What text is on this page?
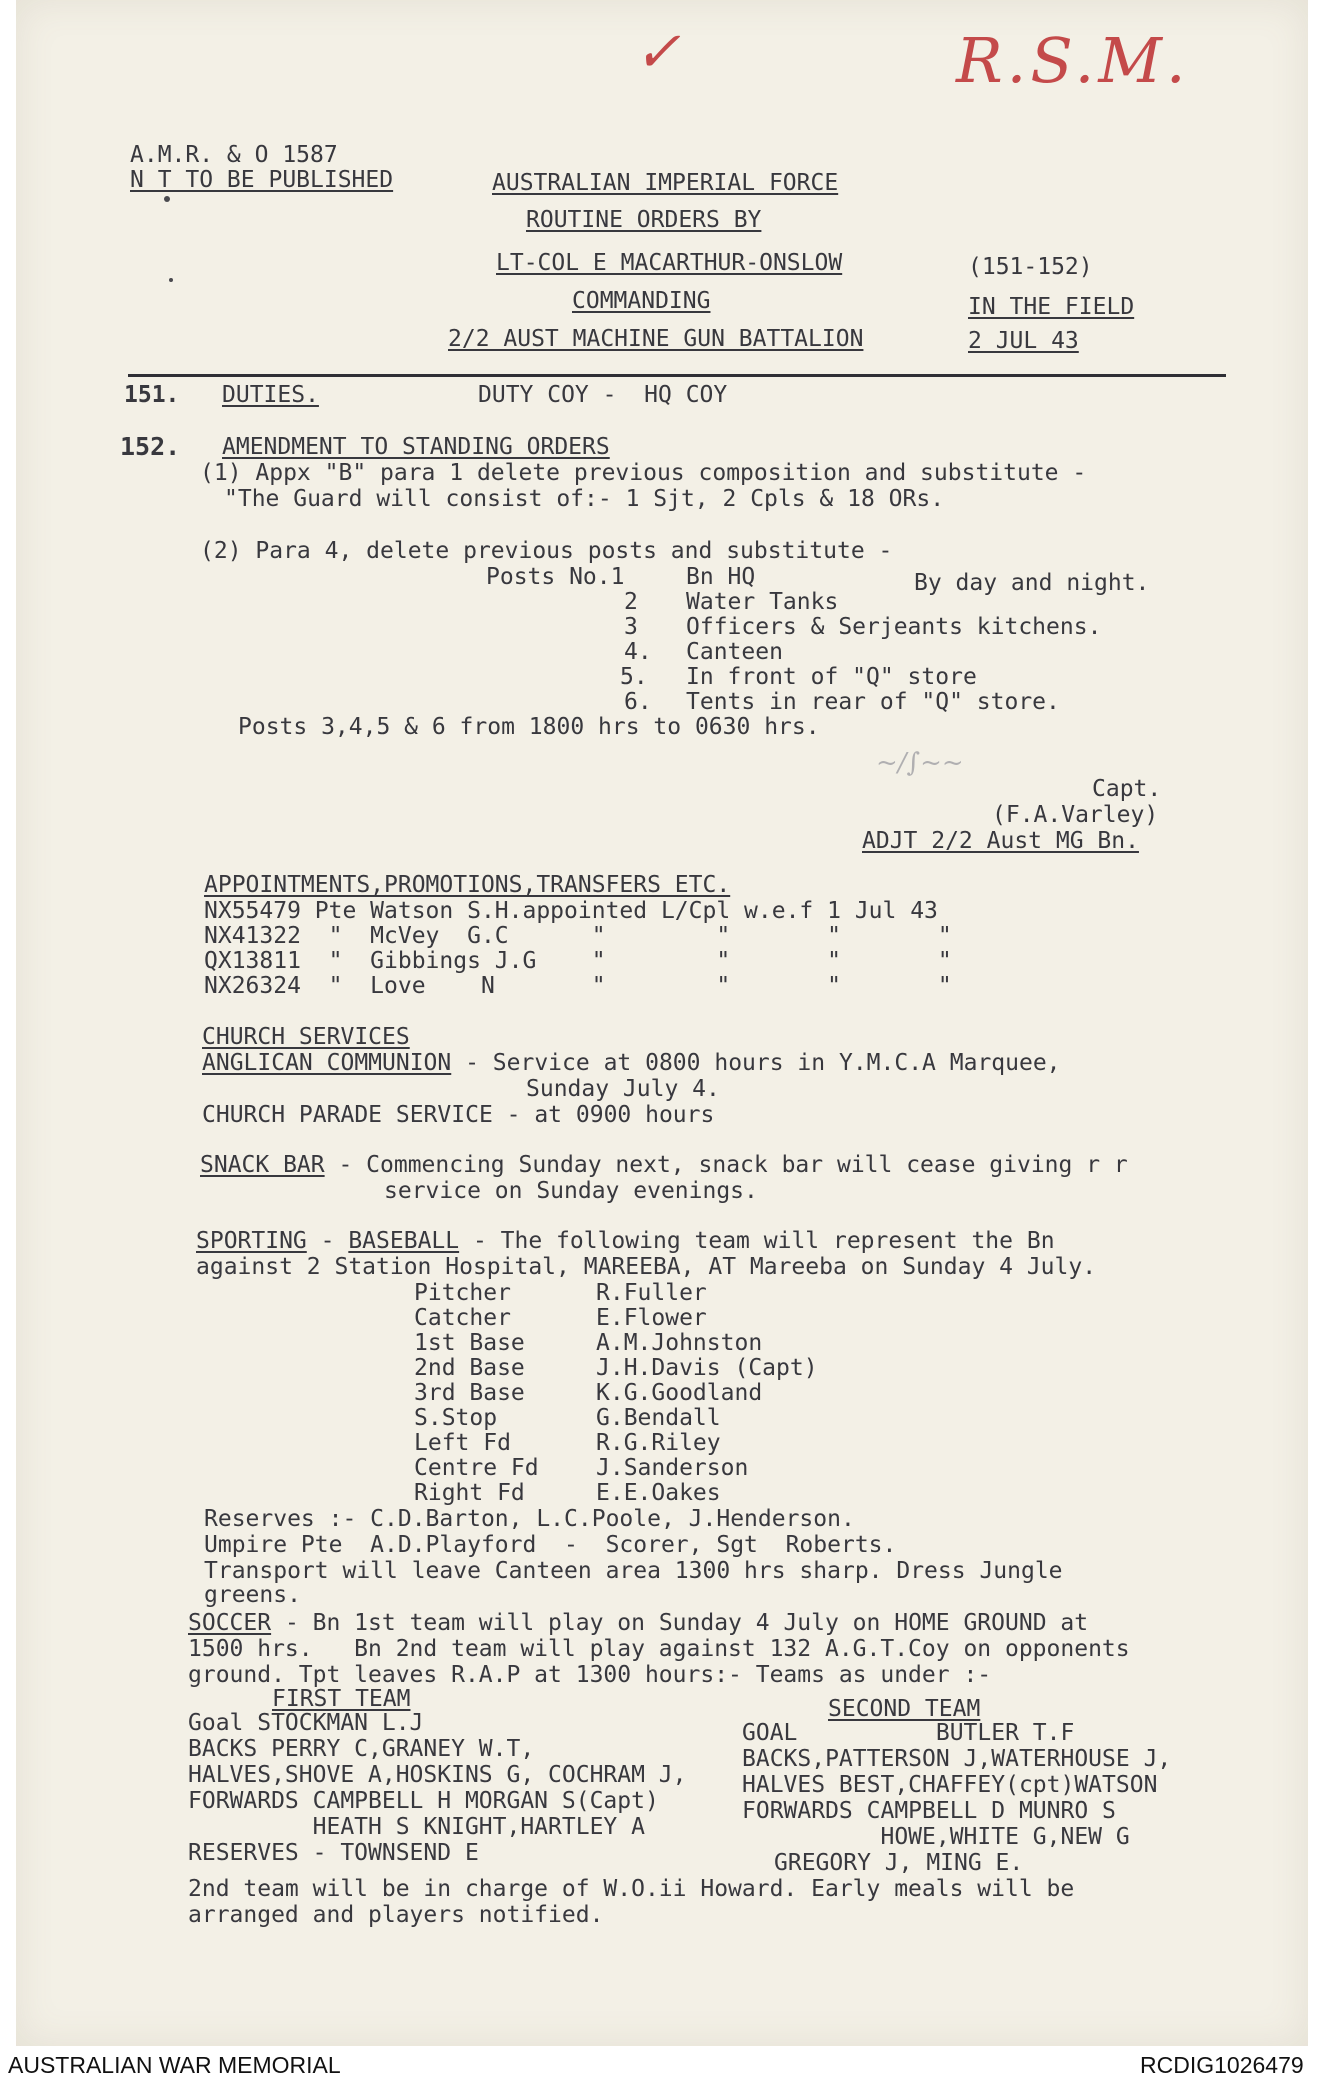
✓	R.S.M.
A.M.R. & O 1587
N T TO BE PUBLISHED	AUSTRALIAN IMPERIAL FORCE
ROUTINE ORDERS BY
LT-COL E MACARTHUR-ONSLOW
COMMANDING
2/2 AUST MACHINE GUN BATTALION
(151-152)
IN THE FIELD
2 JUL 43
151. DUTIES.	DUTY COY -  HQ COY
152. AMENDMENT TO STANDING ORDERS
(1) Appx "B" para 1 delete previous composition and substitute -
"The Guard will consist of:- 1 Sjt, 2 Cpls & 18 ORs.
(2) Para 4, delete previous posts and substitute -
Posts No.1	Bn HQ	By day and night.
2 Water Tanks
3 Officers & Serjeants kitchens.
4. Canteen
5. In front of "Q" store
6. Tents in rear of "Q" store.
Posts 3,4,5 & 6 from 1800 hrs to 0630 hrs.
~/∫~~
Capt.
(F.A.Varley)
ADJT 2/2 Aust MG Bn.
APPOINTMENTS,PROMOTIONS,TRANSFERS ETC.
NX55479 Pte Watson S.H.appointed L/Cpl w.e.f 1 Jul 43
NX41322  "  McVey  G.C      "        "       "       "
QX13811  "  Gibbings J.G    "        "       "       "
NX26324  "  Love    N       "        "       "       "
CHURCH SERVICES
ANGLICAN COMMUNION - Service at 0800 hours in Y.M.C.A Marquee,
Sunday July 4.
CHURCH PARADE SERVICE - at 0900 hours
SNACK BAR - Commencing Sunday next, snack bar will cease giving r r
service on Sunday evenings.
SPORTING - BASEBALL - The following team will represent the Bn
against 2 Station Hospital, MAREEBA, AT Mareeba on Sunday 4 July.
Pitcher	R.Fuller
Catcher	E.Flower
1st Base	A.M.Johnston
2nd Base	J.H.Davis (Capt)
3rd Base	K.G.Goodland
S.Stop	G.Bendall
Left Fd	R.G.Riley
Centre Fd J.Sanderson
Right Fd	E.E.Oakes
Reserves :- C.D.Barton, L.C.Poole, J.Henderson.
Umpire Pte  A.D.Playford  -  Scorer, Sgt  Roberts.
Transport will leave Canteen area 1300 hrs sharp. Dress Jungle
greens.
SOCCER - Bn 1st team will play on Sunday 4 July on HOME GROUND at
1500 hrs.   Bn 2nd team will play against 132 A.G.T.Coy on opponents
ground. Tpt leaves R.A.P at 1300 hours:- Teams as under :-
FIRST TEAM	SECOND TEAM
Goal STOCKMAN L.J
BACKS PERRY C,GRANEY W.T,
HALVES,SHOVE A,HOSKINS G, COCHRAM J,
FORWARDS CAMPBELL H MORGAN S(Capt)
HEATH S KNIGHT,HARTLEY A
GOAL          BUTLER T.F
BACKS,PATTERSON J,WATERHOUSE J,
HALVES BEST,CHAFFEY(cpt)WATSON
FORWARDS CAMPBELL D MUNRO S
HOWE,WHITE G,NEW G
GREGORY J, MING E.
RESERVES - TOWNSEND E
2nd team will be in charge of W.O.ii Howard. Early meals will be
arranged and players notified.
AUSTRALIAN WAR MEMORIAL	RCDIG1026479
